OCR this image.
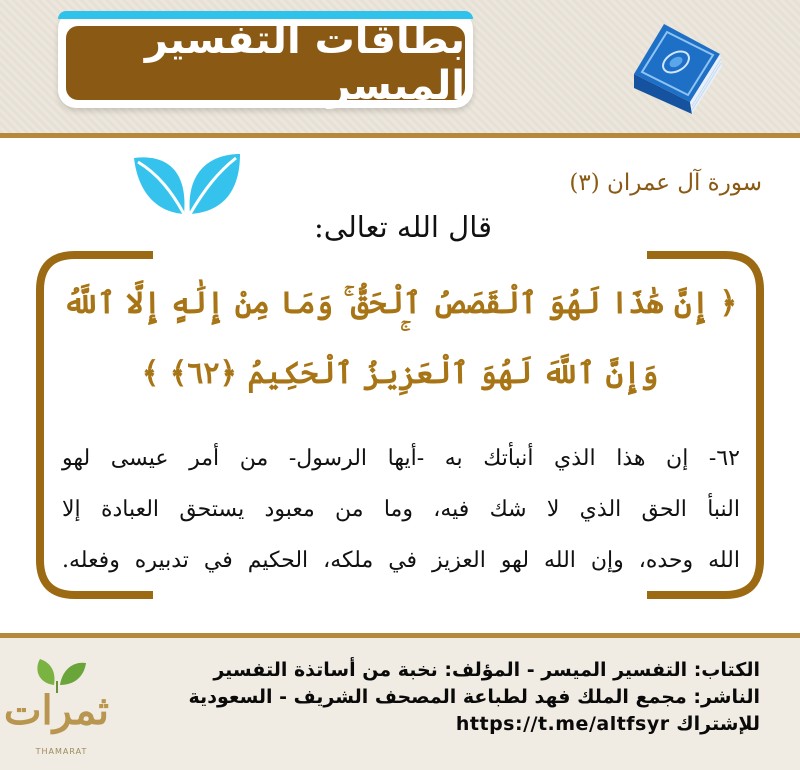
بطاقات التفسير الميسر
سورة آل عمران (٣)
قال الله تعالى:
﴿ إِنَّ هَٰذَا لَهُوَ ٱلْقَصَصُ ٱلْحَقُّ ۚ وَمَا مِنْ إِلَٰهٍ إِلَّا ٱللَّهُ
وَإِنَّ ٱللَّهَ لَهُوَ ٱلْعَزِيزُ ٱلْحَكِيمُ ﴿٦٢﴾ ﴾
٦٢- إن هذا الذي أنبأتك به -أيها الرسول- من أمر عيسى لهو
النبأ الحق الذي لا شك فيه، وما من معبود يستحق العبادة إلا
الله وحده، وإن الله لهو العزيز في ملكه، الحكيم في تدبيره وفعله.
الكتاب: التفسير الميسر - المؤلف: نخبة من أساتذة التفسير
الناشر: مجمع الملك فهد لطباعة المصحف الشريف - السعودية
للإشتراك https://t.me/altfsyr
ثمرات
THAMARAT
